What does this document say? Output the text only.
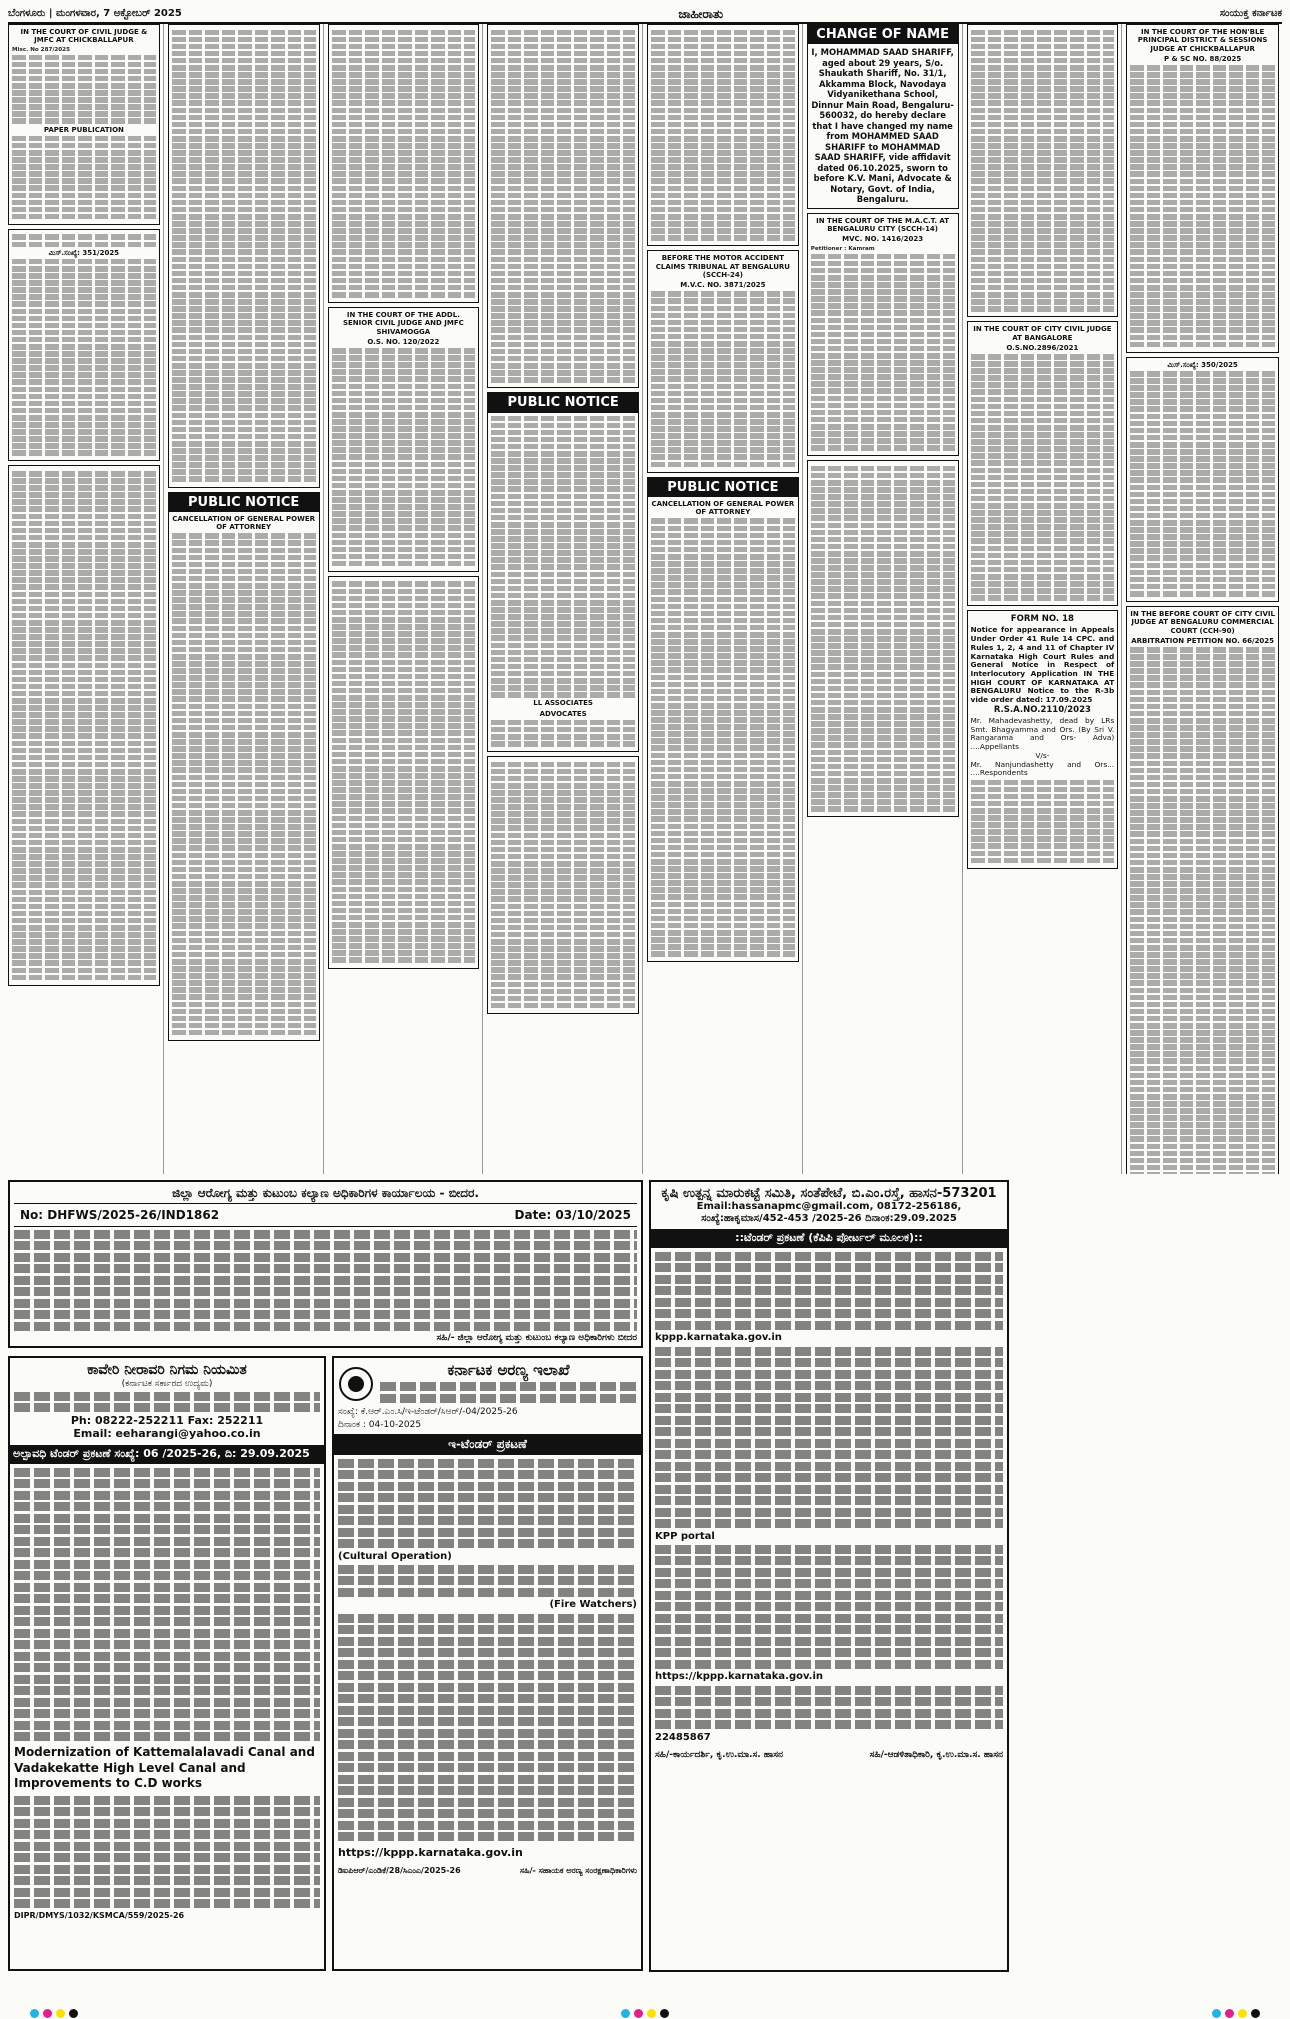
ಬೆಂಗಳೂರು | ಮಂಗಳವಾರ, 7 ಅಕ್ಟೋಬರ್ 2025	ಜಾಹೀರಾತು	ಸಂಯುಕ್ತ ಕರ್ನಾಟಕ
IN THE COURT OF CIVIL JUDGE & JMFC AT CHICKBALLAPUR

Misc. No 287/2025

PAPER PUBLICATION
ಮಿಸ್‌.ಸಂಖ್ಯೆ: 351/2025
PUBLIC NOTICE
CANCELLATION OF GENERAL POWER OF ATTORNEY
IN THE COURT OF THE ADDL. SENIOR CIVIL JUDGE AND JMFC SHIVAMOGGA
O.S. NO. 120/2022
PUBLIC NOTICE
LL ASSOCIATES
ADVOCATES
BEFORE THE MOTOR ACCIDENT CLAIMS TRIBUNAL AT BENGALURU (SCCH-24)
M.V.C. NO. 3871/2025
PUBLIC NOTICE
CANCELLATION OF GENERAL POWER OF ATTORNEY
CHANGE OF NAME

I, MOHAMMAD SAAD SHARIFF, aged about 29 years, S/o. Shaukath Shariff, No. 31/1, Akkamma Block, Navodaya Vidyanikethana School, Dinnur Main Road, Bengaluru-560032, do hereby declare that I have changed my name from MOHAMMED SAAD SHARIFF to MOHAMMAD SAAD SHARIFF, vide affidavit dated 06.10.2025, sworn to before K.V. Mani, Advocate & Notary, Govt. of India, Bengaluru.

IN THE COURT OF THE M.A.C.T. AT BENGALURU CITY (SCCH-14)
MVC. NO. 1416/2023

Petitioner : Kamram

IN THE COURT OF CITY CIVIL JUDGE AT BANGALORE
O.S.NO.2896/2021
FORM NO. 18

Notice for appearance in Appeals Under Order 41 Rule 14 CPC. and Rules 1, 2, 4 and 11 of Chapter IV Karnataka High Court Rules and General Notice in Respect of Interlocutory Application IN THE HIGH COURT OF KARNATAKA AT BENGALURU Notice to the R-3b vide order dated: 17.09.2025

R.S.A.NO.2110/2023

Mr. Mahadevashetty, dead by LRs Smt. Bhagyamma and Ors. (By Sri V. Rangarama and Ors- Adva) ....Appellants

V/s-

Mr. Nanjundashetty and Ors... ....Respondents

IN THE COURT OF THE HON'BLE PRINCIPAL DISTRICT & SESSIONS JUDGE AT CHICKBALLAPUR
P & SC NO. 88/2025
ಮಿಸ್‌.ಸಂಖ್ಯೆ: 350/2025
IN THE BEFORE COURT OF CITY CIVIL JUDGE AT BENGALURU COMMERCIAL COURT (CCH-90)
ARBITRATION PETITION NO. 66/2025
ಜಿಲ್ಲಾ ಆರೋಗ್ಯ ಮತ್ತು ಕುಟುಂಬ ಕಲ್ಯಾಣ ಅಧಿಕಾರಿಗಳ ಕಾರ್ಯಾಲಯ - ಬೀದರ.
No: DHFWS/2025-26/IND1862	Date: 03/10/2025
ಸಹಿ/- ಜಿಲ್ಲಾ ಆರೋಗ್ಯ ಮತ್ತು ಕುಟುಂಬ ಕಲ್ಯಾಣ ಅಧಿಕಾರಿಗಳು ಬೀದರ
ಕಾವೇರಿ ನೀರಾವರಿ ನಿಗಮ ನಿಯಮಿತ
(ಕರ್ನಾಟಕ ಸರ್ಕಾರದ ಉದ್ಯಮ)
Ph: 08222-252211 Fax: 252211
Email: eeharangi@yahoo.co.in
ಅಲ್ಪಾವಧಿ ಟೆಂಡರ್ ಪ್ರಕಟಣೆ ಸಂಖ್ಯೆ: 06 /2025-26, ದಿ: 29.09.2025
Modernization of Kattemalalavadi Canal and Vadakekatte High Level Canal and Improvements to C.D works
DIPR/DMYS/1032/KSMCA/559/2025-26
ಕರ್ನಾಟಕ ಅರಣ್ಯ ಇಲಾಖೆ
ಸಂಖ್ಯೆ: ಕೆ.ಆರ್.ಎಂ.ಸಿ/ಇ-ಟೆಂಡರ್/ಸಿಆರ್/-04/2025-26
ದಿನಾಂಕ : 04-10-2025
ಇ-ಟೆಂಡರ್ ಪ್ರಕಟಣೆ
(Cultural Operation)
(Fire Watchers)
https://kppp.karnataka.gov.in
ಡಿಐಪಿಆರ್/ಎಂಡಿಕೆ/28/ಸಿಎಂಎ/2025-26	ಸಹಿ/- ಸಹಾಯಕ ಅರಣ್ಯ ಸಂರಕ್ಷಣಾಧಿಕಾರಿಗಳು
ಕೃಷಿ ಉತ್ಪನ್ನ ಮಾರುಕಟ್ಟೆ ಸಮಿತಿ, ಸಂತೆಪೇಟೆ, ಬಿ.ಎಂ.ರಸ್ತೆ, ಹಾಸನ-573201
Email:hassanapmc@gmail.com, 08172-256186,
ಸಂಖ್ಯೆ:ಹಾಕೃಮಾಸ/452-453 /2025-26 ದಿನಾಂಕ:29.09.2025
::ಟೆಂಡರ್ ಪ್ರಕಟಣೆ (ಕೆಪಿಪಿ ಪೋರ್ಟಲ್ ಮೂಲಕ)::
kppp.karnataka.gov.in
KPP portal
https://kppp.karnataka.gov.in
22485867
ಸಹಿ/-ಕಾರ್ಯದರ್ಶಿ, ಕೃ.ಉ.ಮಾ.ಸ. ಹಾಸನ	ಸಹಿ/-ಆಡಳಿತಾಧಿಕಾರಿ, ಕೃ.ಉ.ಮಾ.ಸ. ಹಾಸನ
